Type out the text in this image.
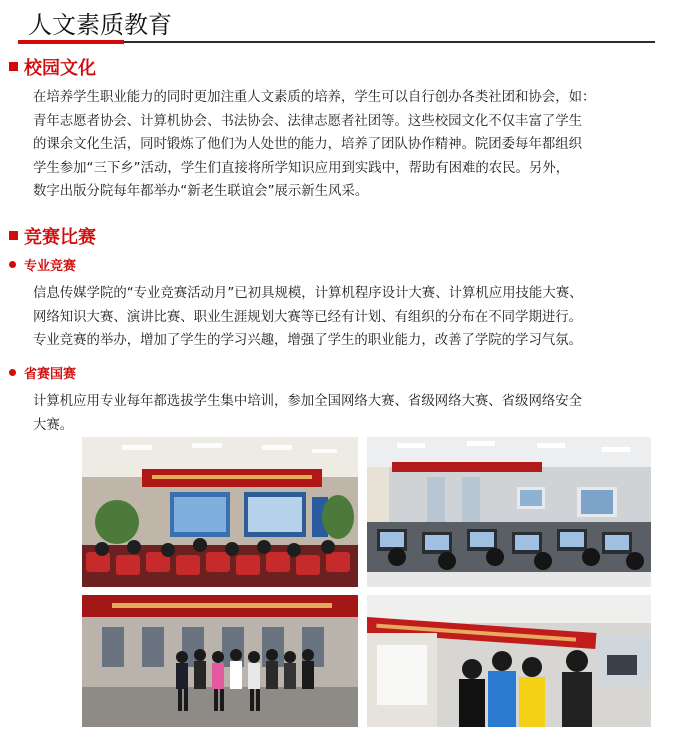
人文素质教育
校园文化
在培养学生职业能力的同时更加注重人文素质的培养，学生可以自行创办各类社团和协会，如：
青年志愿者协会、计算机协会、书法协会、法律志愿者社团等。这些校园文化不仅丰富了学生
的课余文化生活，同时锻炼了他们为人处世的能力，培养了团队协作精神。院团委每年都组织
学生参加“三下乡”活动，学生们直接将所学知识应用到实践中，帮助有困难的农民。另外，
数字出版分院每年都举办“新老生联谊会”展示新生风采。
竞赛比赛
专业竞赛
信息传媒学院的“专业竞赛活动月”已初具规模，计算机程序设计大赛、计算机应用技能大赛、
网络知识大赛、演讲比赛、职业生涯规划大赛等已经有计划、有组织的分布在不同学期进行。
专业竞赛的举办，增加了学生的学习兴趣，增强了学生的职业能力，改善了学院的学习气氛。
省赛国赛
计算机应用专业每年都选拔学生集中培训，参加全国网络大赛、省级网络大赛、省级网络安全
大赛。
